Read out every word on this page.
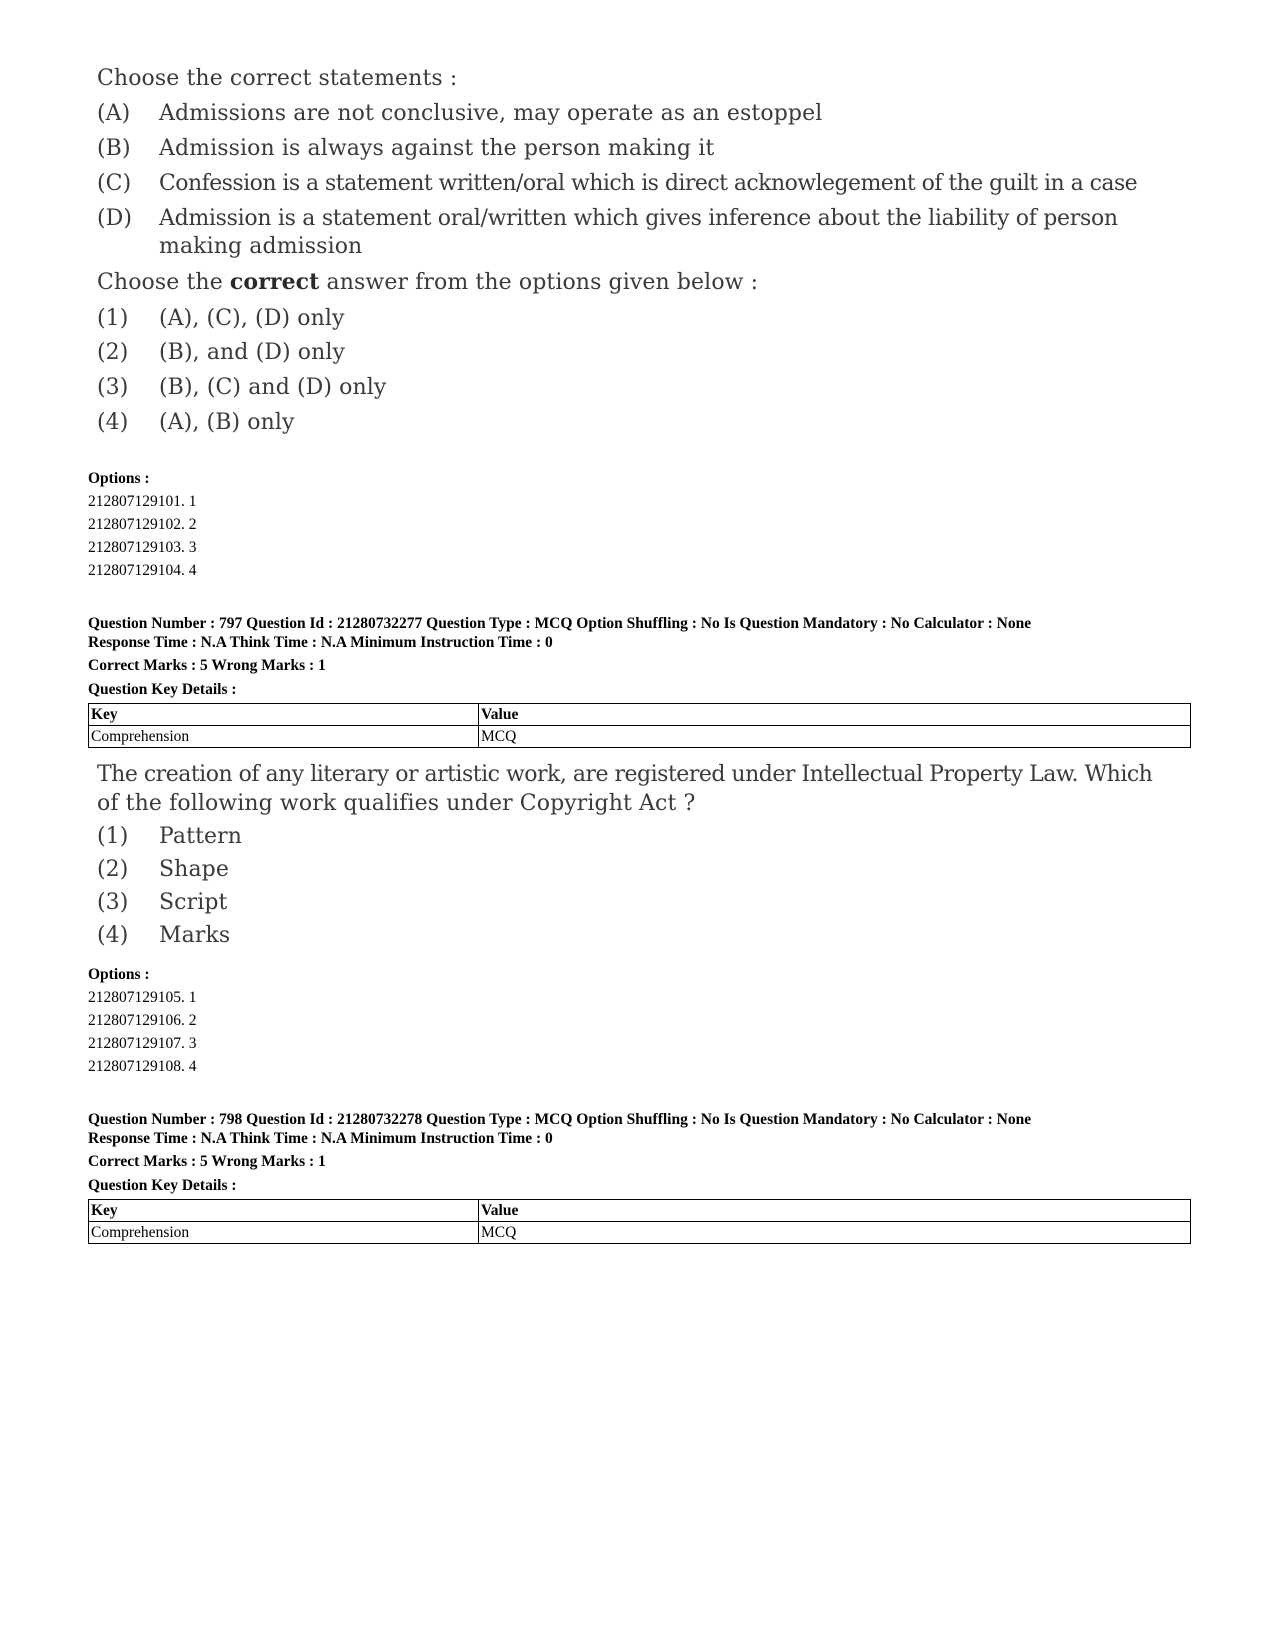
Choose the correct statements :
(A)	Admissions are not conclusive, may operate as an estoppel
(B)	Admission is always against the person making it
(C)	Confession is a statement written/oral which is direct acknowlegement of the guilt in a case
(D)	Admission is a statement oral/written which gives inference about the liability of person
making admission
Choose the correct answer from the options given below :
(1)	(A), (C), (D) only
(2)	(B), and (D) only
(3)	(B), (C) and (D) only
(4)	(A), (B) only
Options :
212807129101. 1
212807129102. 2
212807129103. 3
212807129104. 4
Question Number : 797 Question Id : 21280732277 Question Type : MCQ Option Shuffling : No Is Question Mandatory : No Calculator : None
Response Time : N.A Think Time : N.A Minimum Instruction Time : 0
Correct Marks : 5 Wrong Marks : 1
Question Key Details :
Key	Value
Comprehension	MCQ
The creation of any literary or artistic work, are registered under Intellectual Property Law. Which
of the following work qualifies under Copyright Act ?
(1)	Pattern
(2)	Shape
(3)	Script
(4)	Marks
Options :
212807129105. 1
212807129106. 2
212807129107. 3
212807129108. 4
Question Number : 798 Question Id : 21280732278 Question Type : MCQ Option Shuffling : No Is Question Mandatory : No Calculator : None
Response Time : N.A Think Time : N.A Minimum Instruction Time : 0
Correct Marks : 5 Wrong Marks : 1
Question Key Details :
Key	Value
Comprehension	MCQ
